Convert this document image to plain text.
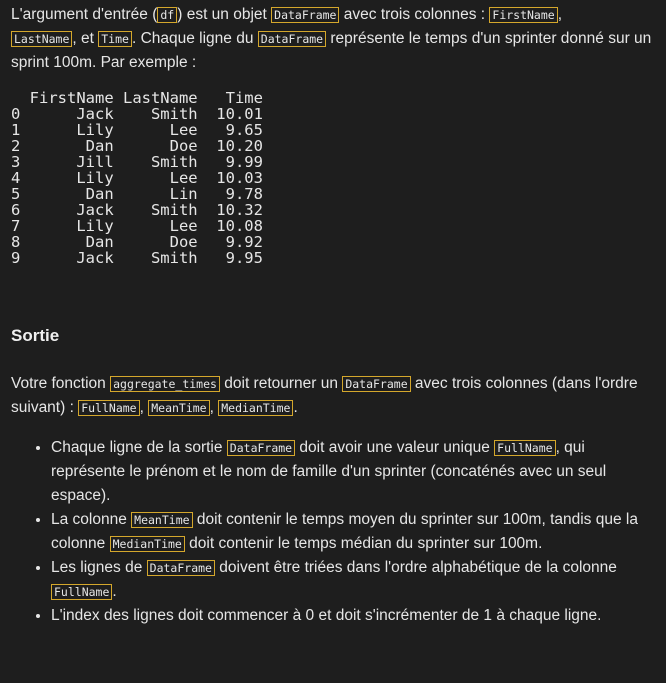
L'argument d'entrée ( df ) est un objet DataFrame avec trois colonnes : FirstName ,
LastName , et Time . Chaque ligne du DataFrame représente le temps d'un sprinter donné sur un sprint 100m. Par exemple :

FirstName LastName   Time
0      Jack    Smith  10.01
1      Lily      Lee   9.65
2       Dan      Doe  10.20
3      Jill    Smith   9.99
4      Lily      Lee  10.03
5       Dan      Lin   9.78
6      Jack    Smith  10.32
7      Lily      Lee  10.08
8       Dan      Doe   9.92
9      Jack    Smith   9.95
Sortie

Votre fonction aggregate_times doit retourner un DataFrame avec trois colonnes (dans l'ordre suivant) : FullName , MeanTime , MedianTime .

• Chaque ligne de la sortie DataFrame doit avoir une valeur unique FullName , qui représente le prénom et le nom de famille d'un sprinter (concaténés avec un seul espace).
• La colonne MeanTime doit contenir le temps moyen du sprinter sur 100m, tandis que la colonne MedianTime doit contenir le temps médian du sprinter sur 100m.
• Les lignes de DataFrame doivent être triées dans l'ordre alphabétique de la colonne FullName .
• L'index des lignes doit commencer à 0 et doit s'incrémenter de 1 à chaque ligne.
